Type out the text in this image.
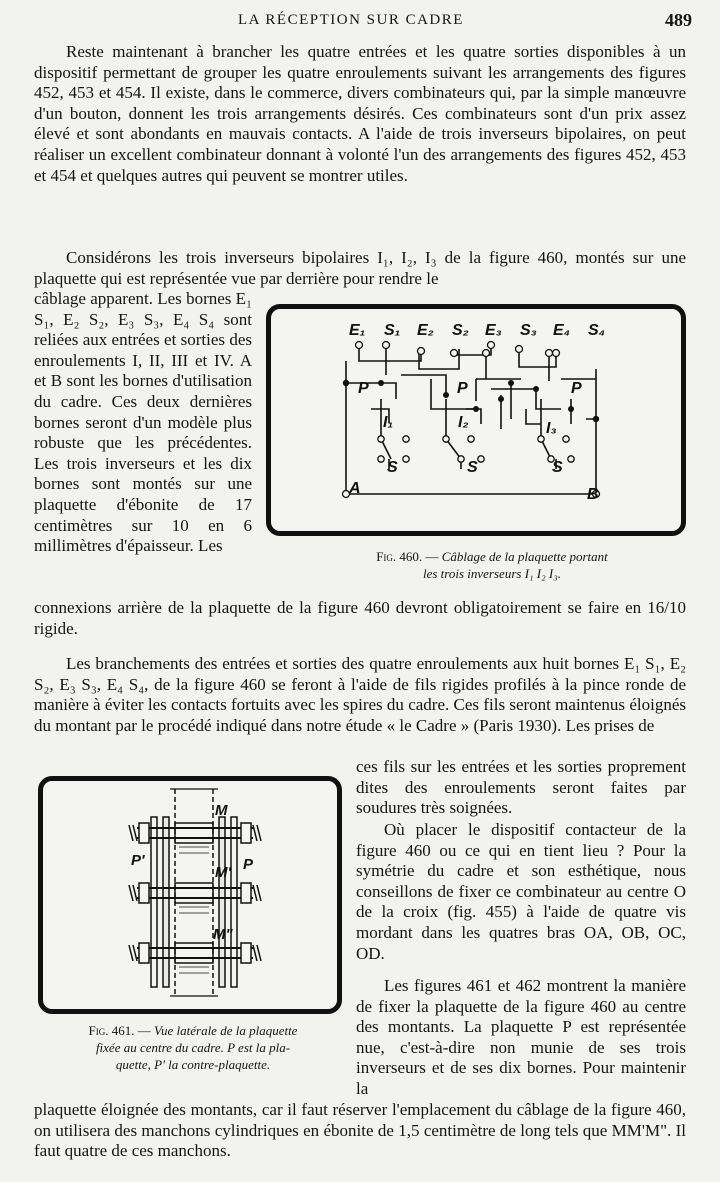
LA RÉCEPTION SUR CADRE	489

Reste maintenant à brancher les quatre entrées et les quatre sorties disponibles à un dispositif permettant de grouper les quatre enroulements suivant les arrangements des figures 452, 453 et 454. Il existe, dans le commerce, divers combinateurs qui, par la simple manœuvre d'un bouton, donnent les trois arrangements désirés. Ces combinateurs sont d'un prix assez élevé et sont abondants en mauvais contacts. A l'aide de trois inverseurs bipolaires, on peut réaliser un excellent combinateur donnant à volonté l'un des arrangements des figures 452, 453 et 454 et quelques autres qui peuvent se montrer utiles.

Considérons les trois inverseurs bipolaires I₁, I₂, I₃ de la figure 460, montés sur une plaquette qui est représentée vue par derrière pour rendre le

câblage apparent. Les bornes E₁ S₁, E₂ S₂, E₃ S₃, E₄ S₄ sont reliées aux entrées et sorties des enroulements I, II, III et IV. A et B sont les bornes d'utilisation du cadre. Ces deux dernières bornes seront d'un modèle plus robuste que les précédentes. Les trois inverseurs et les dix bornes sont montés sur une plaquette d'ébonite de 17 centimètres sur 10 en 6 millimètres d'épaisseur. Les

E₁ S₁ E₂ S₂ E₃ S₃ E₄ S₄
P	P	P
I₁	I₂	I₃
S	S	S
A	B
Fig. 460. — Câblage de la plaquette portant
les trois inverseurs I₁ I₂ I₃.

connexions arrière de la plaquette de la figure 460 devront obligatoirement se faire en 16/10 rigide.

Les branchements des entrées et sorties des quatre enroulements aux huit bornes E₁ S₁, E₂ S₂, E₃ S₃, E₄ S₄, de la figure 460 se feront à l'aide de fils rigides profilés à la pince ronde de manière à éviter les contacts fortuits avec les spires du cadre. Ces fils seront maintenus éloignés du montant par le procédé indiqué dans notre étude « le Cadre » (Paris 1930). Les prises de

ces fils sur les entrées et les sorties proprement dites des enroulements seront faites par soudures très soignées.

M
M'
M"
P'	P
Fig. 461. — Vue latérale de la plaquette
fixée au centre du cadre. P est la pla-
quette, P' la contre-plaquette.

Où placer le dispositif contacteur de la figure 460 ou ce qui en tient lieu ? Pour la symétrie du cadre et son esthétique, nous conseillons de fixer ce combinateur au centre O de la croix (fig. 455) à l'aide de quatre vis mordant dans les quatres bras OA, OB, OC, OD.

Les figures 461 et 462 montrent la manière de fixer la plaquette de la figure 460 au centre des montants. La plaquette P est représentée nue, c'est-à-dire non munie de ses trois inverseurs et de ses dix bornes. Pour maintenir la

plaquette éloignée des montants, car il faut réserver l'emplacement du câblage de la figure 460, on utilisera des manchons cylindriques en ébonite de 1,5 centimètre de long tels que MM'M". Il faut quatre de ces manchons.
